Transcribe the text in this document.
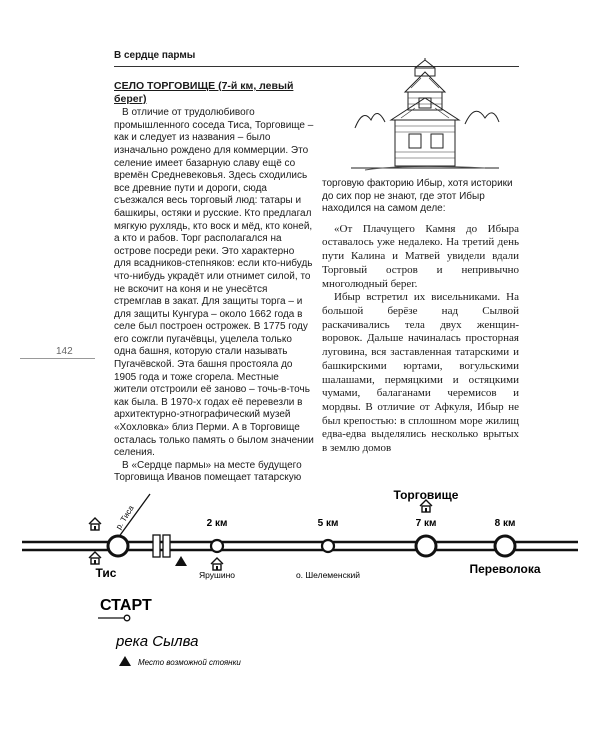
В сердце пармы
142
СЕЛО ТОРГОВИЩЕ (7-й км, левый берег)

В отличие от трудолюбивого промышленного соседа Тиса, Торговище – как и следует из названия – было изначально рождено для коммерции. Это селение имеет базарную славу ещё со времён Средневековья. Здесь сходились все древние пути и дороги, сюда съезжался весь торговый люд: татары и башкиры, остяки и русские. Кто предлагал мягкую рухлядь, кто воск и мёд, кто коней, а кто и рабов. Торг располагался на острове посреди реки. Это характерно для всадников-степняков: если кто-нибудь что-нибудь украдёт или отнимет силой, то не вскочит на коня и не унесётся стремглав в закат. Для защиты торга – и для защиты Кунгура – около 1662 года в селе был построен острожек. В 1775 году его сожгли пугачёвцы, уцелела только одна башня, которую стали называть Пугачёвской. Эта башня простояла до 1905 года и тоже сгорела. Местные жители отстроили её заново – точь-в-точь как была. В 1970-х годах её перевезли в архитектурно-этнографический музей «Хохловка» близ Перми. А в Торговище осталась только память о былом значении селения.

В «Сердце пармы» на месте будущего Торговища Иванов помещает татарскую

торговую факторию Ибыр, хотя историки до сих пор не знают, где этот Ибыр находился на самом деле:

«От Плачущего Камня до Ибыра оставалось уже недалеко. На третий день пути Калина и Матвей увидели вдали Торговый остров и непривычно многолюдный берег.

Ибыр встретил их висельниками. На большой берёзе над Сылвой раскачивались тела двух женщин-воровок. Дальше начиналась просторная луговина, вся заставленная татарскими и башкирскими юртами, вогульскими шалашами, пермяцкими и остяцкими чумами, балаганами черемисов и мордвы. В отличие от Афкуля, Ибыр не был крепостью: в сплошном море жилищ едва-едва выделялись несколько врытых в землю домов

р. Тиса
Тис
2 км
Ярушино
5 км
о. Шелеменский
7 км
Торговище
8 км
Переволока
СТАРТ
река Сылва
Место возможной стоянки
